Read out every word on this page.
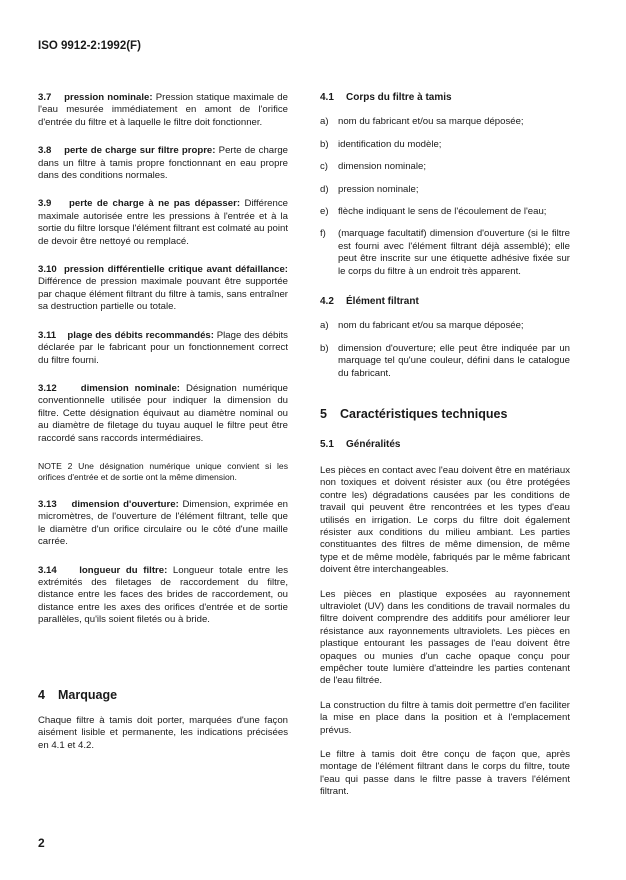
ISO 9912-2:1992(F)

3.7 pression nominale: Pression statique maximale de l'eau mesurée immédiatement en amont de l'orifice d'entrée du filtre et à laquelle le filtre doit fonctionner.

3.8 perte de charge sur filtre propre: Perte de charge dans un filtre à tamis propre fonctionnant en eau propre dans des conditions normales.

3.9 perte de charge à ne pas dépasser: Différence maximale autorisée entre les pressions à l'entrée et à la sortie du filtre lorsque l'élément filtrant est colmaté au point de devoir être nettoyé ou remplacé.

3.10 pression différentielle critique avant défaillance: Différence de pression maximale pouvant être supportée par chaque élément filtrant du filtre à tamis, sans entraîner sa destruction partielle ou totale.

3.11 plage des débits recommandés: Plage des débits déclarée par le fabricant pour un fonctionnement correct du filtre fourni.

3.12	dimension nominale: Désignation numérique conventionnelle utilisée pour indiquer la dimension du filtre. Cette désignation équivaut au diamètre nominal ou au diamètre de filetage du tuyau auquel le filtre peut être raccordé sans raccords intermédiaires.

NOTE 2 Une désignation numérique unique convient si les orifices d'entrée et de sortie ont la même dimension.

3.13 dimension d'ouverture: Dimension, exprimée en micromètres, de l'ouverture de l'élément filtrant, telle que le diamètre d'un orifice circulaire ou le côté d'une maille carrée.

3.14 longueur du filtre: Longueur totale entre les extrémités des filetages de raccordement du filtre, distance entre les faces des brides de raccordement, ou distance entre les axes des orifices d'entrée et de sortie parallèles, qu'ils soient filetés ou à bride.

4 Marquage

Chaque filtre à tamis doit porter, marquées d'une façon aisément lisible et permanente, les indications précisées en 4.1 et 4.2.

4.1 Corps du filtre à tamis

a) nom du fabricant et/ou sa marque déposée;
b) identification du modèle;
c)	dimension nominale;
d) pression nominale;
e) flèche indiquant le sens de l'écoulement de l'eau;
f)	(marquage facultatif) dimension d'ouverture (si le filtre est fourni avec l'élément filtrant déjà assemblé); elle peut être inscrite sur une étiquette adhésive fixée sur le corps du filtre à un endroit très apparent.

4.2 Élément filtrant

a) nom du fabricant et/ou sa marque déposée;
b) dimension d'ouverture; elle peut être indiquée par un marquage tel qu'une couleur, défini dans le catalogue du fabricant.

5 Caractéristiques techniques

5.1 Généralités

Les pièces en contact avec l'eau doivent être en matériaux non toxiques et doivent résister aux (ou être protégées contre les) dégradations causées par les conditions de travail qui peuvent être rencontrées et les types d'eau utilisés en irrigation. Le corps du filtre doit également résister aux conditions du milieu ambiant. Les parties constituantes des filtres de même dimension, de même type et de même modèle, fabriqués par le même fabricant doivent être interchangeables.

Les pièces en plastique exposées au rayonnement ultraviolet (UV) dans les conditions de travail normales du filtre doivent comprendre des additifs pour améliorer leur résistance aux rayonnements ultraviolets. Les pièces en plastique entourant les passages de l'eau doivent être opaques ou munies d'un cache opaque conçu pour empêcher toute lumière d'atteindre les parties contenant de l'eau filtrée.

La construction du filtre à tamis doit permettre d'en faciliter la mise en place dans la position et à l'emplacement prévus.

Le filtre à tamis doit être conçu de façon que, après montage de l'élément filtrant dans le corps du filtre, toute l'eau qui passe dans le filtre passe à travers l'élément filtrant.

2
